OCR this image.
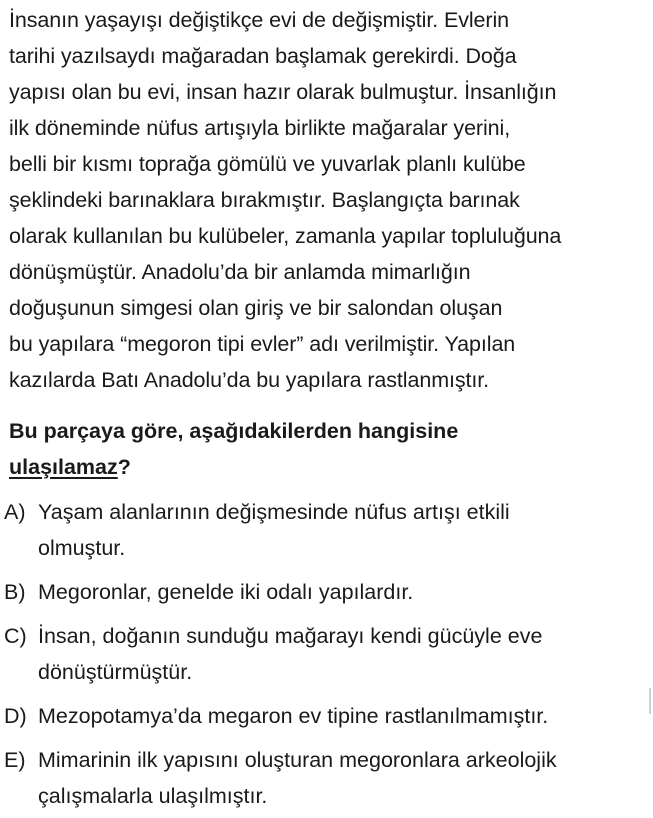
İnsanın yaşayışı değiştikçe evi de değişmiştir. Evlerin
tarihi yazılsaydı mağaradan başlamak gerekirdi. Doğa
yapısı olan bu evi, insan hazır olarak bulmuştur. İnsanlığın
ilk döneminde nüfus artışıyla birlikte mağaralar yerini,
belli bir kısmı toprağa gömülü ve yuvarlak planlı kulübe
şeklindeki barınaklara bırakmıştır. Başlangıçta barınak
olarak kullanılan bu kulübeler, zamanla yapılar topluluğuna
dönüşmüştür. Anadolu’da bir anlamda mimarlığın
doğuşunun simgesi olan giriş ve bir salondan oluşan
bu yapılara “megoron tipi evler” adı verilmiştir. Yapılan
kazılarda Batı Anadolu’da bu yapılara rastlanmıştır.
Bu parçaya göre, aşağıdakilerden hangisine
ulaşılamaz?
A) Yaşam alanlarının değişmesinde nüfus artışı etkili
olmuştur.
B) Megoronlar, genelde iki odalı yapılardır.
C) İnsan, doğanın sunduğu mağarayı kendi gücüyle eve
dönüştürmüştür.
D) Mezopotamya’da megaron ev tipine rastlanılmamıştır.
E) Mimarinin ilk yapısını oluşturan megoronlara arkeolojik
çalışmalarla ulaşılmıştır.
